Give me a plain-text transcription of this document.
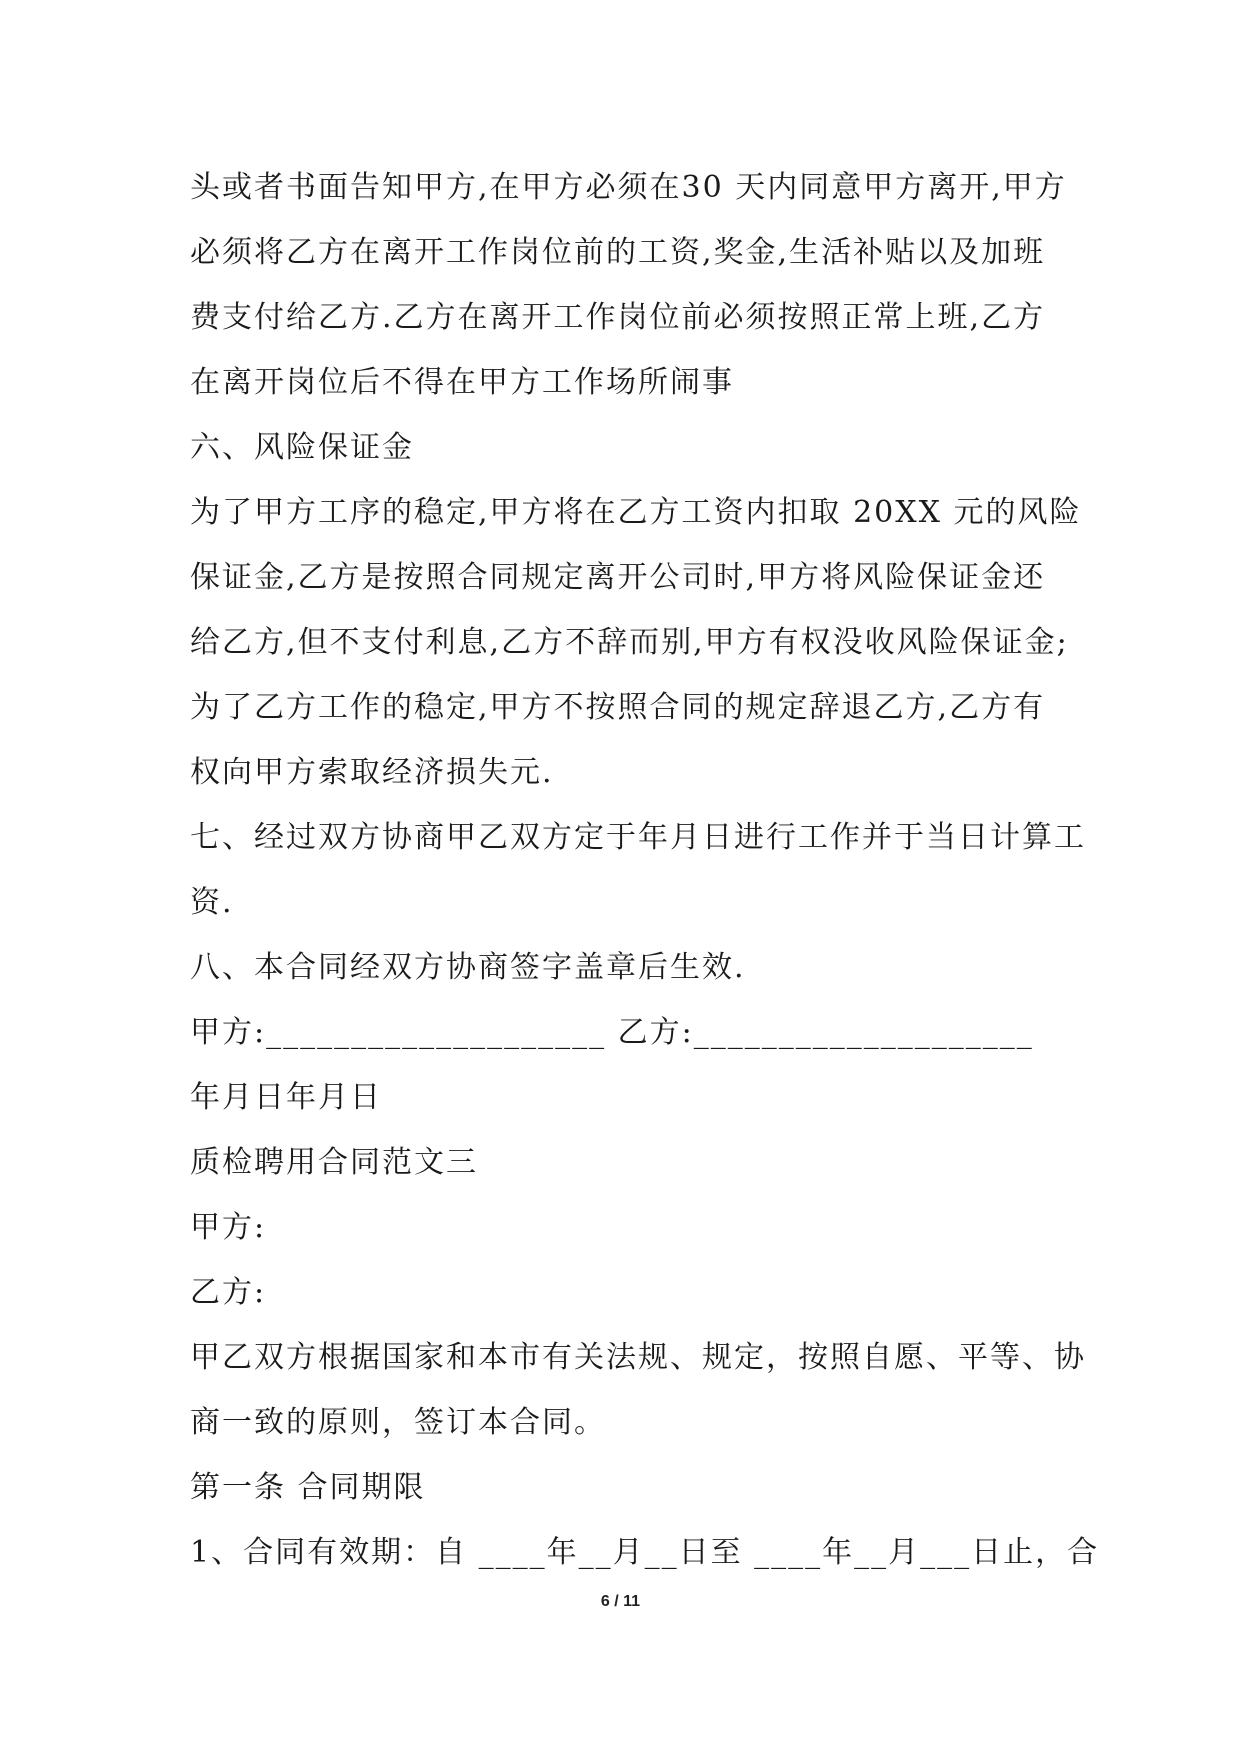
头或者书面告知甲方,在甲方必须在30 天内同意甲方离开,甲方
必须将乙方在离开工作岗位前的工资,奖金,生活补贴以及加班
费支付给乙方.乙方在离开工作岗位前必须按照正常上班,乙方
在离开岗位后不得在甲方工作场所闹事
六、风险保证金
为了甲方工序的稳定,甲方将在乙方工资内扣取 20XX 元的风险
保证金,乙方是按照合同规定离开公司时,甲方将风险保证金还
给乙方,但不支付利息,乙方不辞而别,甲方有权没收风险保证金;
为了乙方工作的稳定,甲方不按照合同的规定辞退乙方,乙方有
权向甲方索取经济损失元.
七、经过双方协商甲乙双方定于年月日进行工作并于当日计算工
资.
八、本合同经双方协商签字盖章后生效.
甲方:____________________ 乙方:____________________
年月日年月日
质检聘用合同范文三
甲方:
乙方:
甲乙双方根据国家和本市有关法规、规定，按照自愿、平等、协
商一致的原则，签订本合同。
第一条 合同期限
1、合同有效期：自 ____年__月__日至 ____年__月___日止，合
6 / 11
